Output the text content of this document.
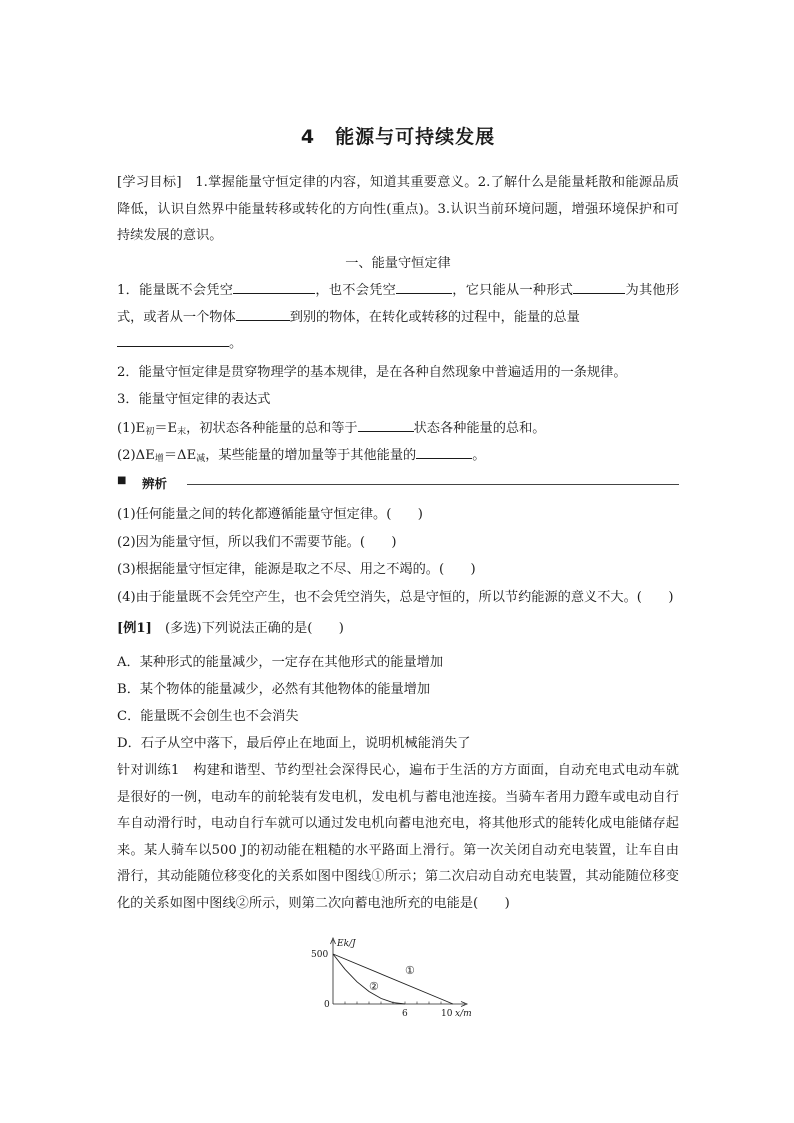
4　能源与可持续发展
[学习目标]　1.掌握能量守恒定律的内容，知道其重要意义。2.了解什么是能量耗散和能源品质降低，认识自然界中能量转移或转化的方向性(重点)。3.认识当前环境问题，增强环境保护和可持续发展的意识。
一、能量守恒定律
1．能量既不会凭空	，也不会凭空	，它只能从一种形式	为其他形式，或者从一个物体	到别的物体，在转化或转移的过程中，能量的总量
。
2．能量守恒定律是贯穿物理学的基本规律，是在各种自然现象中普遍适用的一条规律。
3．能量守恒定律的表达式
$(1)E_初=E_末$，初状态各种能量的总和等于	状态各种能量的总和。
$(2)\Delta E_增=\Delta E_减$，某些能量的增加量等于其他能量的	。
■ 辨析
(1)任何能量之间的转化都遵循能量守恒定律。(　　)
(2)因为能量守恒，所以我们不需要节能。(　　)
(3)根据能量守恒定律，能源是取之不尽、用之不竭的。(　　)
(4)由于能量既不会凭空产生，也不会凭空消失，总是守恒的，所以节约能源的意义不大。(　　)
[例1]　(多选)下列说法正确的是(　　)
A．某种形式的能量减少，一定存在其他形式的能量增加
B．某个物体的能量减少，必然有其他物体的能量增加
C．能量既不会创生也不会消失
D．石子从空中落下，最后停止在地面上，说明机械能消失了
针对训练1　构建和谐型、节约型社会深得民心，遍布于生活的方方面面，自动充电式电动车就是很好的一例，电动车的前轮装有发电机，发电机与蓄电池连接。当骑车者用力蹬车或电动自行车自动滑行时，电动自行车就可以通过发电机向蓄电池充电，将其他形式的能转化成电能储存起来。某人骑车以500 J的初动能在粗糙的水平路面上滑行。第一次关闭自动充电装置，让车自由滑行，其动能随位移变化的关系如图中图线①所示；第二次启动自动充电装置，其动能随位移变化的关系如图中图线②所示，则第二次向蓄电池所充的电能是(　　)
Ek/J
x/m
500
0
6	10
①
②
